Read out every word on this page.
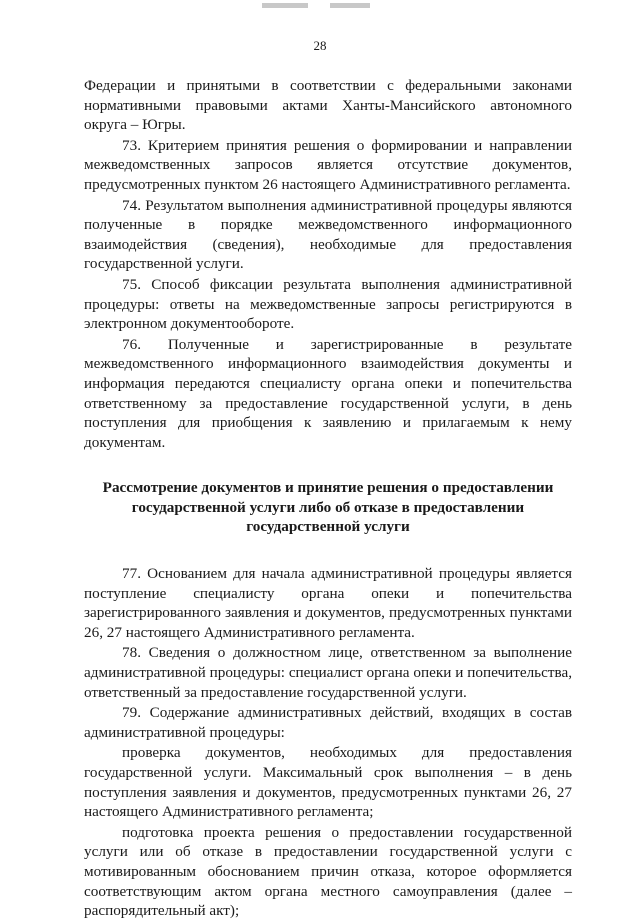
28

Федерации и принятыми в соответствии с федеральными законами нормативными правовыми актами Ханты-Мансийского автономного округа – Югры.

73. Критерием принятия решения о формировании и направлении межведомственных запросов является отсутствие документов, предусмотренных пунктом 26 настоящего Административного регламента.

74. Результатом выполнения административной процедуры являются полученные в порядке межведомственного информационного взаимодействия (сведения), необходимые для предоставления государственной услуги.

75. Способ фиксации результата выполнения административной процедуры: ответы на межведомственные запросы регистрируются в электронном документообороте.

76. Полученные и зарегистрированные в результате межведомственного информационного взаимодействия документы и информация передаются специалисту органа опеки и попечительства ответственному за предоставление государственной услуги, в день поступления для приобщения к заявлению и прилагаемым к нему документам.

Рассмотрение документов и принятие решения о предоставлении государственной услуги либо об отказе в предоставлении государственной услуги

77. Основанием для начала административной процедуры является поступление специалисту органа опеки и попечительства зарегистрированного заявления и документов, предусмотренных пунктами 26, 27 настоящего Административного регламента.

78. Сведения о должностном лице, ответственном за выполнение административной процедуры: специалист органа опеки и попечительства, ответственный за предоставление государственной услуги.

79. Содержание административных действий, входящих в состав административной процедуры:

проверка документов, необходимых для предоставления государственной услуги. Максимальный срок выполнения – в день поступления заявления и документов, предусмотренных пунктами 26, 27 настоящего Административного регламента;

подготовка проекта решения о предоставлении государственной услуги или об отказе в предоставлении государственной услуги с мотивированным обоснованием причин отказа, которое оформляется соответствующим актом органа местного самоуправления (далее – распорядительный акт);
